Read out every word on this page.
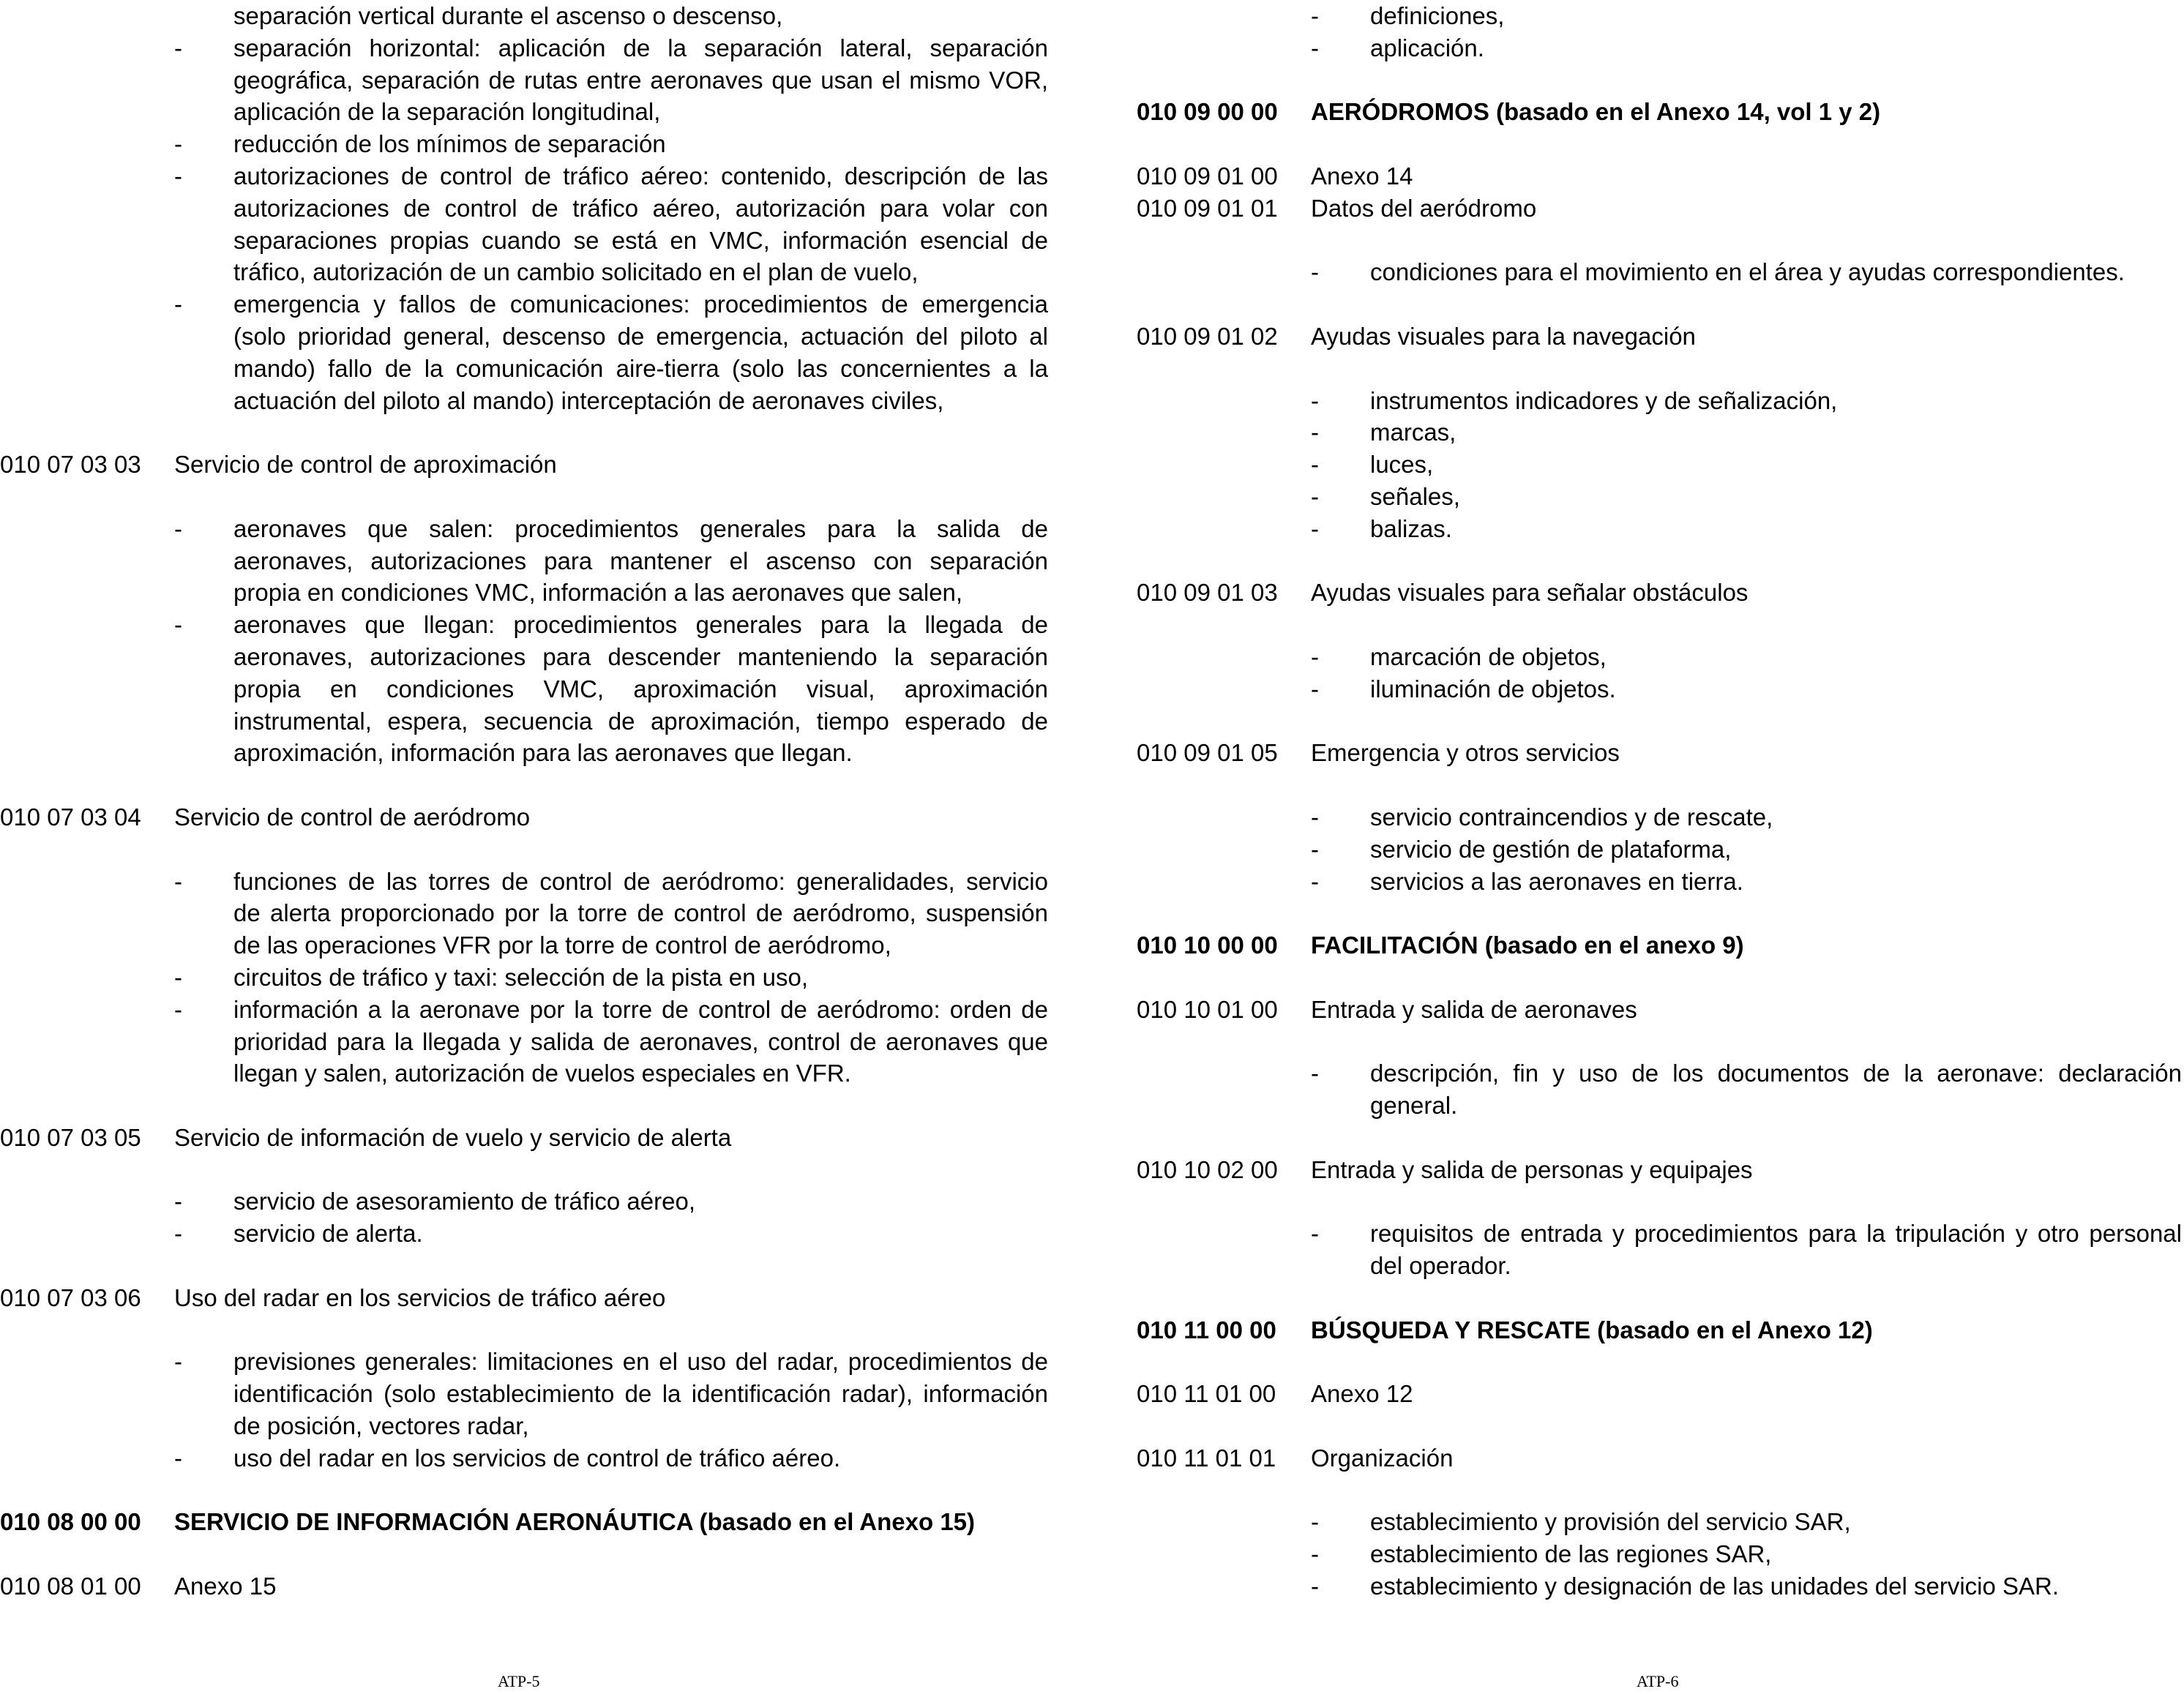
separación vertical durante el ascenso o descenso,
- separación horizontal: aplicación de la separación lateral, separación
geográfica, separación de rutas entre aeronaves que usan el mismo VOR,
aplicación de la separación longitudinal,
- reducción de los mínimos de separación
- autorizaciones de control de tráfico aéreo: contenido, descripción de las
autorizaciones de control de tráfico aéreo, autorización para volar con
separaciones propias cuando se está en VMC, información esencial de
tráfico, autorización de un cambio solicitado en el plan de vuelo,
- emergencia y fallos de comunicaciones: procedimientos de emergencia
(solo prioridad general, descenso de emergencia, actuación del piloto al
mando) fallo de la comunicación aire-tierra (solo las concernientes a la
actuación del piloto al mando) interceptación de aeronaves civiles,
010 07 03 03 Servicio de control de aproximación
- aeronaves que salen: procedimientos generales para la salida de
aeronaves, autorizaciones para mantener el ascenso con separación
propia en condiciones VMC, información a las aeronaves que salen,
- aeronaves que llegan: procedimientos generales para la llegada de
aeronaves, autorizaciones para descender manteniendo la separación
propia en condiciones VMC, aproximación visual, aproximación
instrumental, espera, secuencia de aproximación, tiempo esperado de
aproximación, información para las aeronaves que llegan.
010 07 03 04 Servicio de control de aeródromo
- funciones de las torres de control de aeródromo: generalidades, servicio
de alerta proporcionado por la torre de control de aeródromo, suspensión
de las operaciones VFR por la torre de control de aeródromo,
- circuitos de tráfico y taxi: selección de la pista en uso,
- información a la aeronave por la torre de control de aeródromo: orden de
prioridad para la llegada y salida de aeronaves, control de aeronaves que
llegan y salen, autorización de vuelos especiales en VFR.
010 07 03 05 Servicio de información de vuelo y servicio de alerta
- servicio de asesoramiento de tráfico aéreo,
- servicio de alerta.
010 07 03 06 Uso del radar en los servicios de tráfico aéreo
- previsiones generales: limitaciones en el uso del radar, procedimientos de
identificación (solo establecimiento de la identificación radar), información
de posición, vectores radar,
- uso del radar en los servicios de control de tráfico aéreo.
010 08 00 00 SERVICIO DE INFORMACIÓN AERONÁUTICA (basado en el Anexo 15)
010 08 01 00 Anexo 15
- definiciones,
- aplicación.
010 09 00 00 AERÓDROMOS (basado en el Anexo 14, vol 1 y 2)
010 09 01 00 Anexo 14
010 09 01 01 Datos del aeródromo
- condiciones para el movimiento en el área y ayudas correspondientes.
010 09 01 02 Ayudas visuales para la navegación
- instrumentos indicadores y de señalización,
- marcas,
- luces,
- señales,
- balizas.
010 09 01 03 Ayudas visuales para señalar obstáculos
- marcación de objetos,
- iluminación de objetos.
010 09 01 05 Emergencia y otros servicios
- servicio contraincendios y de rescate,
- servicio de gestión de plataforma,
- servicios a las aeronaves en tierra.
010 10 00 00 FACILITACIÓN (basado en el anexo 9)
010 10 01 00 Entrada y salida de aeronaves
- descripción, fin y uso de los documentos de la aeronave: declaración
general.
010 10 02 00 Entrada y salida de personas y equipajes
- requisitos de entrada y procedimientos para la tripulación y otro personal
del operador.
010 11 00 00 BÚSQUEDA Y RESCATE (basado en el Anexo 12)
010 11 01 00 Anexo 12
010 11 01 01 Organización
- establecimiento y provisión del servicio SAR,
- establecimiento de las regiones SAR,
- establecimiento y designación de las unidades del servicio SAR.
ATP-5	ATP-6
